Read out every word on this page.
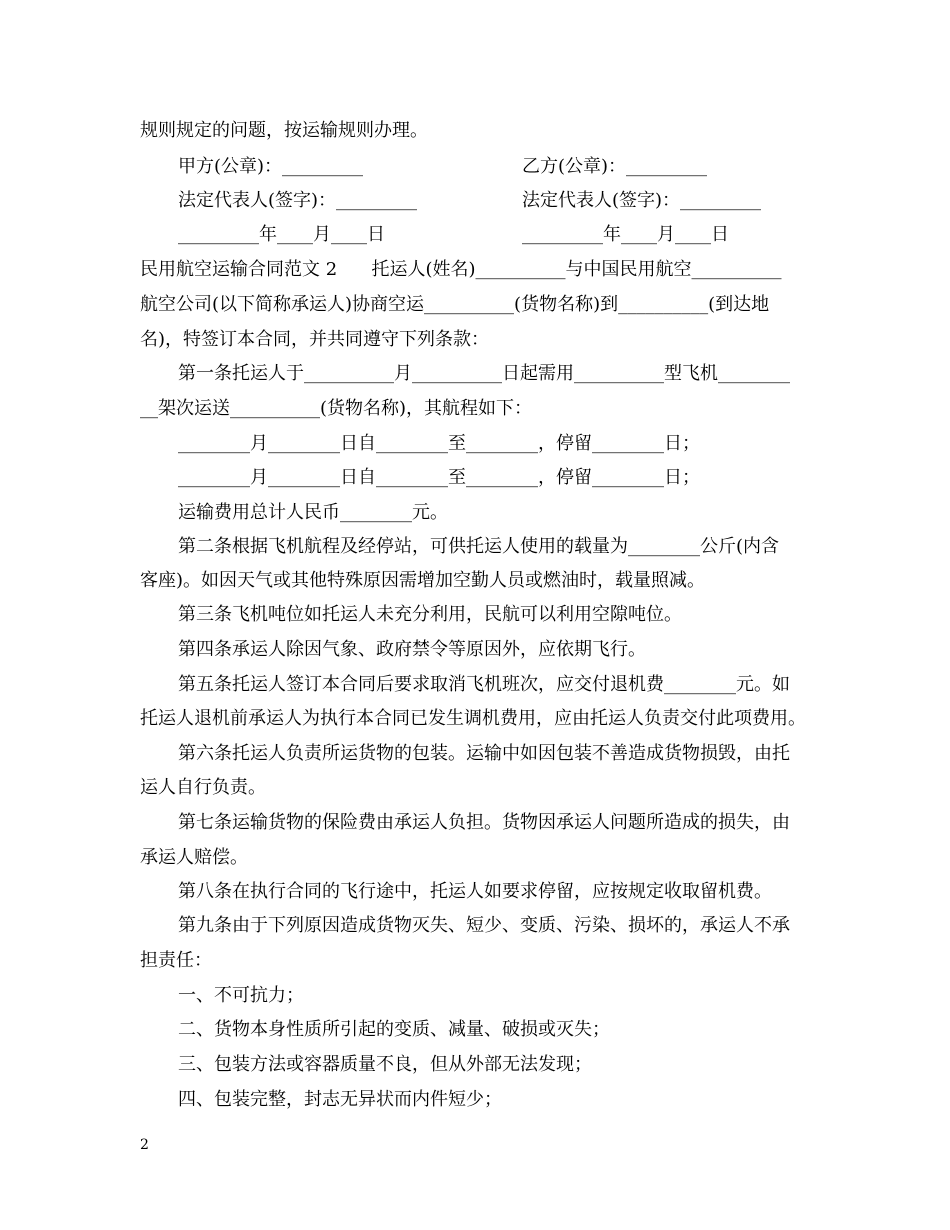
规则规定的问题，按运输规则办理。
甲方(公章)：_________	乙方(公章)：_________
法定代表人(签字)：_________	法定代表人(签字)：_________
_________年____月____日	_________年____月____日
民用航空运输合同范文 2      托运人(姓名)__________与中国民用航空__________
航空公司(以下简称承运人)协商空运__________(货物名称)到__________(到达地
名)，特签订本合同，并共同遵守下列条款：
第一条托运人于__________月__________日起需用__________型飞机________
__架次运送__________(货物名称)，其航程如下：
________月________日自________至________，停留________日；
________月________日自________至________，停留________日；
运输费用总计人民币________元。
第二条根据飞机航程及经停站，可供托运人使用的载量为________公斤(内含
客座)。如因天气或其他特殊原因需增加空勤人员或燃油时，载量照减。
第三条飞机吨位如托运人未充分利用，民航可以利用空隙吨位。
第四条承运人除因气象、政府禁令等原因外，应依期飞行。
第五条托运人签订本合同后要求取消飞机班次，应交付退机费________元。如
托运人退机前承运人为执行本合同已发生调机费用，应由托运人负责交付此项费用。
第六条托运人负责所运货物的包装。运输中如因包装不善造成货物损毁，由托
运人自行负责。
第七条运输货物的保险费由承运人负担。货物因承运人问题所造成的损失，由
承运人赔偿。
第八条在执行合同的飞行途中，托运人如要求停留，应按规定收取留机费。
第九条由于下列原因造成货物灭失、短少、变质、污染、损坏的，承运人不承
担责任：
一、不可抗力；
二、货物本身性质所引起的变质、减量、破损或灭失；
三、包装方法或容器质量不良，但从外部无法发现；
四、包装完整，封志无异状而内件短少；
2
